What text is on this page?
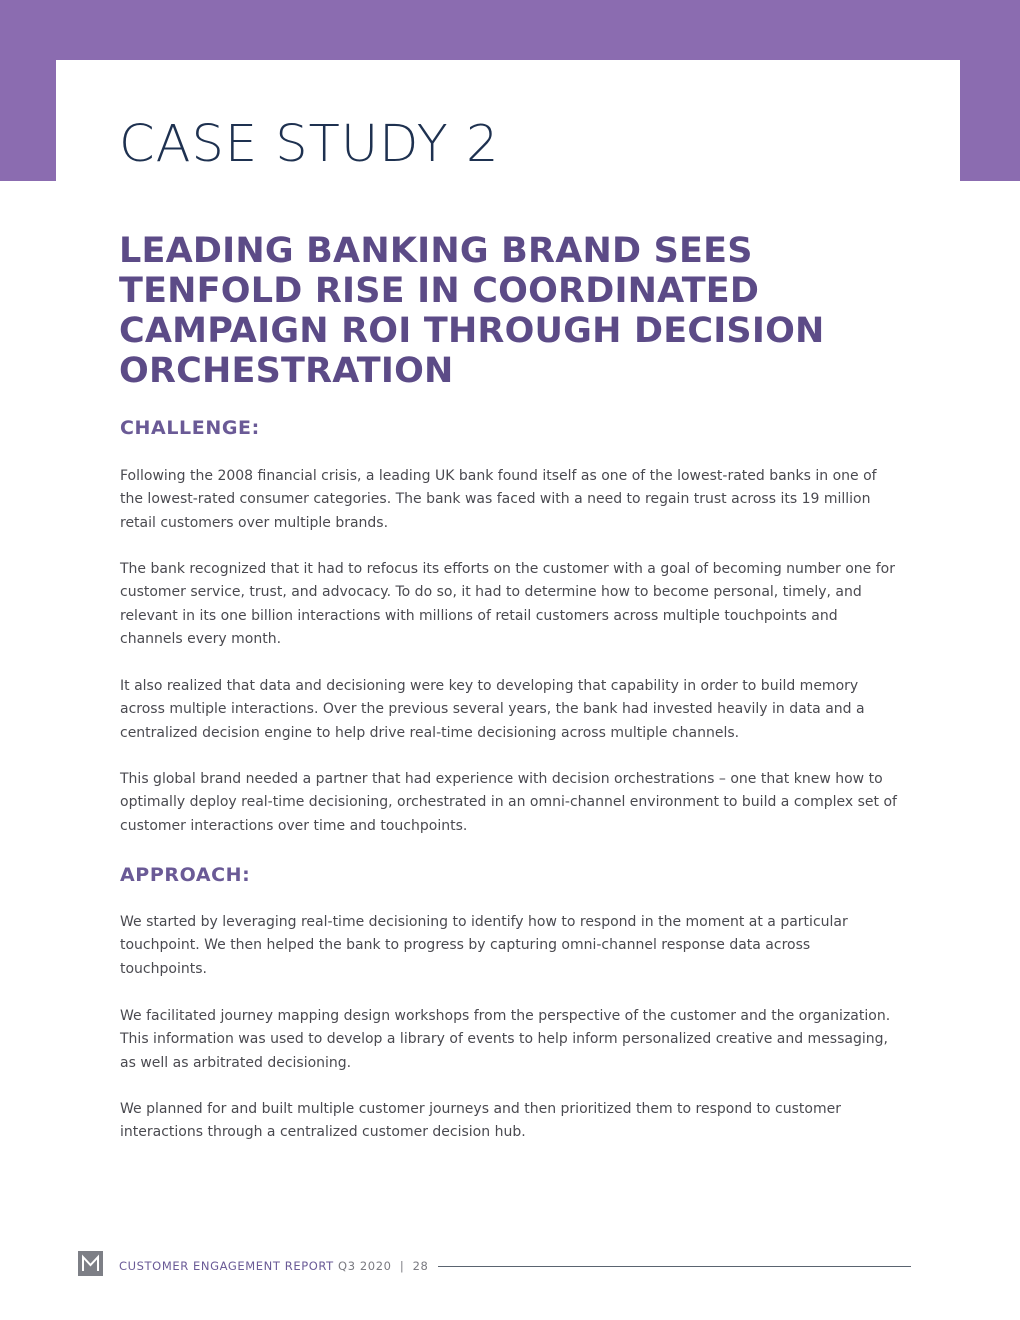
CASE STUDY 2
LEADING BANKING BRAND SEES TENFOLD RISE IN COORDINATED CAMPAIGN ROI THROUGH DECISION ORCHESTRATION
CHALLENGE:

Following the 2008 financial crisis, a leading UK bank found itself as one of the lowest-rated banks in one of the lowest-rated consumer categories. The bank was faced with a need to regain trust across its 19 million retail customers over multiple brands.

The bank recognized that it had to refocus its efforts on the customer with a goal of becoming number one for customer service, trust, and advocacy. To do so, it had to determine how to become personal, timely, and relevant in its one billion interactions with millions of retail customers across multiple touchpoints and channels every month.

It also realized that data and decisioning were key to developing that capability in order to build memory across multiple interactions. Over the previous several years, the bank had invested heavily in data and a centralized decision engine to help drive real-time decisioning across multiple channels.

This global brand needed a partner that had experience with decision orchestrations – one that knew how to optimally deploy real-time decisioning, orchestrated in an omni-channel environment to build a complex set of customer interactions over time and touchpoints.

APPROACH:

We started by leveraging real-time decisioning to identify how to respond in the moment at a particular touchpoint. We then helped the bank to progress by capturing omni-channel response data across touchpoints.

We facilitated journey mapping design workshops from the perspective of the customer and the organization. This information was used to develop a library of events to help inform personalized creative and messaging, as well as arbitrated decisioning.

We planned for and built multiple customer journeys and then prioritized them to respond to customer interactions through a centralized customer decision hub.

CUSTOMER ENGAGEMENT REPORT Q3 2020 | 28
